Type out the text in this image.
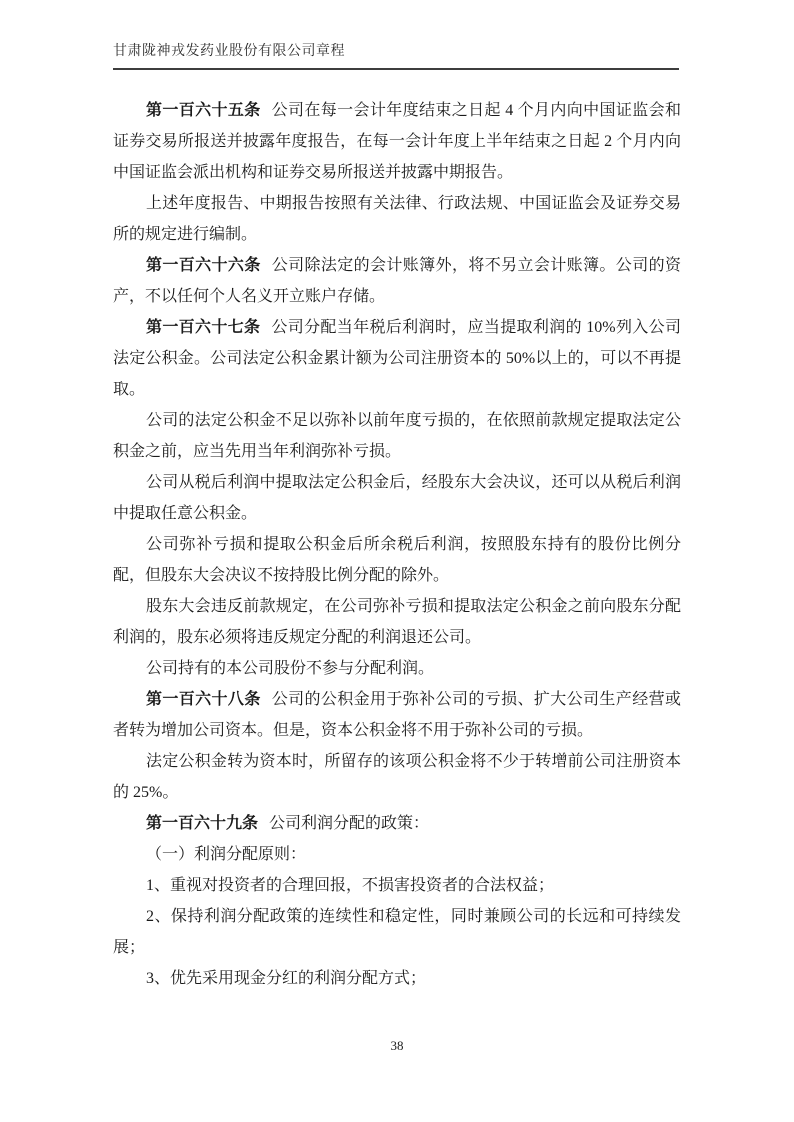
甘肃陇神戎发药业股份有限公司章程

第一百六十五条 公司在每一会计年度结束之日起 4 个月内向中国证监会和证券交易所报送并披露年度报告，在每一会计年度上半年结束之日起 2 个月内向中国证监会派出机构和证券交易所报送并披露中期报告。

上述年度报告、中期报告按照有关法律、行政法规、中国证监会及证券交易所的规定进行编制。

第一百六十六条 公司除法定的会计账簿外，将不另立会计账簿。公司的资产，不以任何个人名义开立账户存储。

第一百六十七条 公司分配当年税后利润时，应当提取利润的 10%列入公司法定公积金。公司法定公积金累计额为公司注册资本的 50%以上的，可以不再提取。

公司的法定公积金不足以弥补以前年度亏损的，在依照前款规定提取法定公积金之前，应当先用当年利润弥补亏损。

公司从税后利润中提取法定公积金后，经股东大会决议，还可以从税后利润中提取任意公积金。

公司弥补亏损和提取公积金后所余税后利润，按照股东持有的股份比例分配，但股东大会决议不按持股比例分配的除外。

股东大会违反前款规定，在公司弥补亏损和提取法定公积金之前向股东分配利润的，股东必须将违反规定分配的利润退还公司。

公司持有的本公司股份不参与分配利润。

第一百六十八条 公司的公积金用于弥补公司的亏损、扩大公司生产经营或者转为增加公司资本。但是，资本公积金将不用于弥补公司的亏损。

法定公积金转为资本时，所留存的该项公积金将不少于转增前公司注册资本的 25%。

第一百六十九条 公司利润分配的政策：

（一）利润分配原则：

1、重视对投资者的合理回报，不损害投资者的合法权益；

2、保持利润分配政策的连续性和稳定性，同时兼顾公司的长远和可持续发展；

3、优先采用现金分红的利润分配方式；

38
